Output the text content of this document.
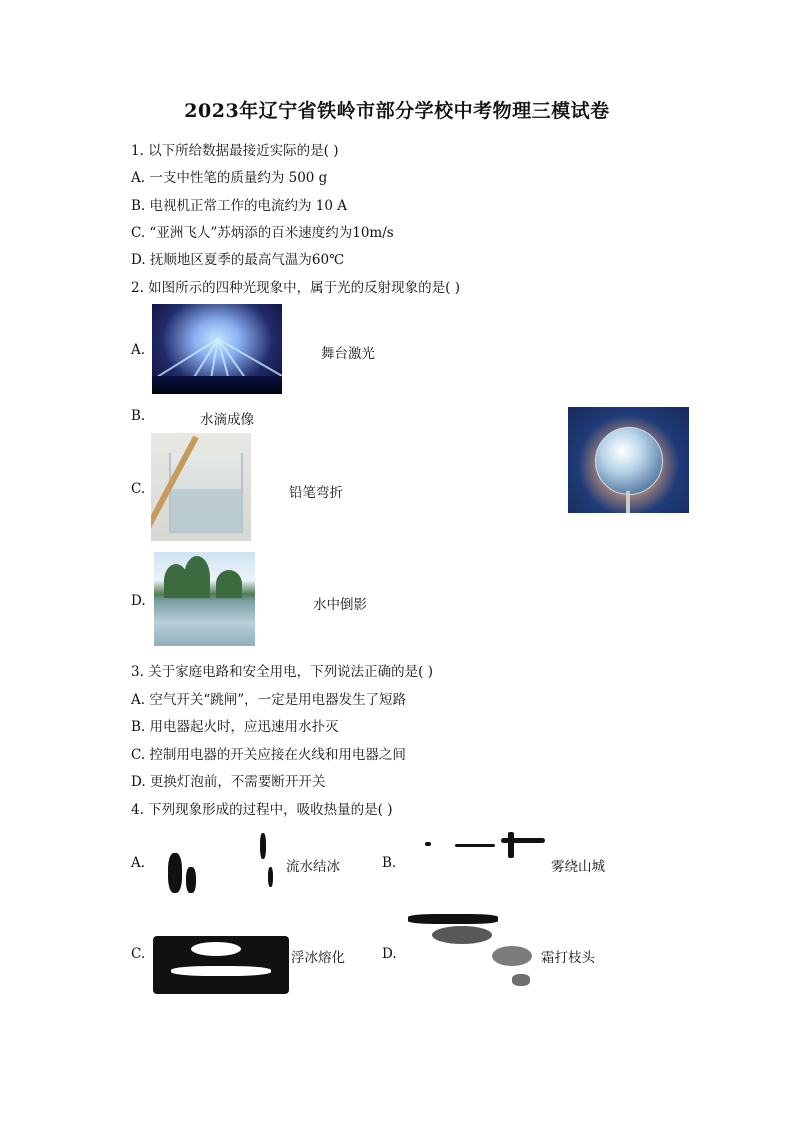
2023年辽宁省铁岭市部分学校中考物理三模试卷
1. 以下所给数据最接近实际的是( )
A. 一支中性笔的质量约为 500 g
B. 电视机正常工作的电流约为 10 A
C. “亚洲飞人”苏炳添的百米速度约为10m/s
D. 抚顺地区夏季的最高气温为60℃
2. 如图所示的四种光现象中，属于光的反射现象的是( )
A.	舞台激光
B.	水滴成像
C.	铅笔弯折
D.	水中倒影
3. 关于家庭电路和安全用电，下列说法正确的是( )
A. 空气开关“跳闸”，一定是用电器发生了短路
B. 用电器起火时，应迅速用水扑灭
C. 控制用电器的开关应接在火线和用电器之间
D. 更换灯泡前，不需要断开开关
4. 下列现象形成的过程中，吸收热量的是( )
A.	流水结冰	B.	雾绕山城
C.	浮冰熔化	D.	霜打枝头
